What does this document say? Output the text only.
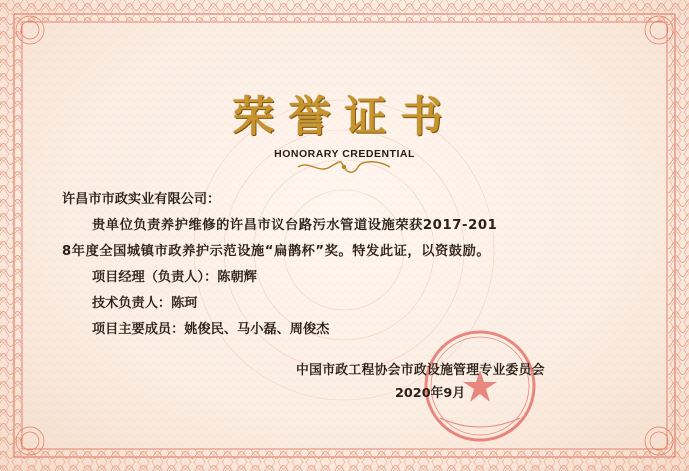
荣誉证书
HONORARY CREDENTIAL
许昌市市政实业有限公司：
贵单位负责养护维修的许昌市议台路污水管道设施荣获2017-201
8年度全国城镇市政养护示范设施“扁鹊杯”奖。特发此证，以资鼓励。
项目经理（负责人）：陈朝辉
技术负责人：陈珂
项目主要成员：姚俊民、马小磊、周俊杰
中国市政工程协会市政设施管理专业委员会
2020年9月
